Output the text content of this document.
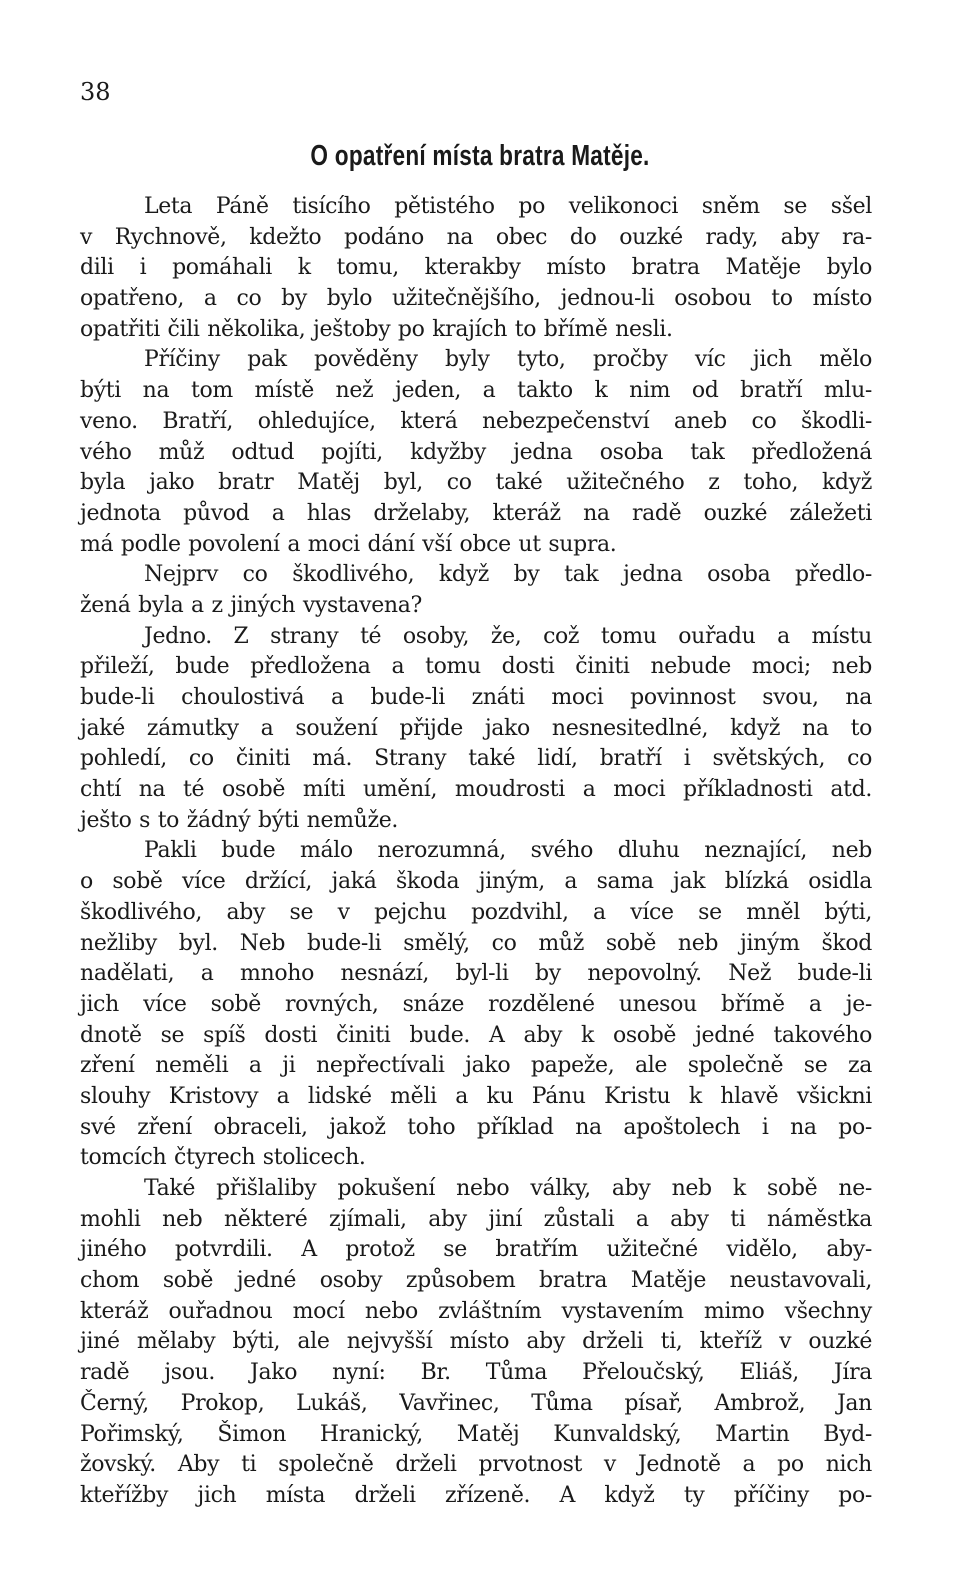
38
O opatření místa bratra Matěje.
Leta Páně tisícího pětistého po velikonoci sněm se sšel
v Rychnově, kdežto podáno na obec do ouzké rady, aby ra-
dili i pomáhali k tomu, kterakby místo bratra Matěje bylo
opatřeno, a co by bylo užitečnějšího, jednou-li osobou to místo
opatřiti čili několika, ještoby po krajích to břímě nesli.
Příčiny pak pověděny byly tyto, pročby víc jich mělo
býti na tom místě než jeden, a takto k nim od bratří mlu-
veno. Bratří, ohledujíce, která nebezpečenství aneb co škodli-
vého můž odtud pojíti, kdyžby jedna osoba tak předložená
byla jako bratr Matěj byl, co také užitečného z toho, když
jednota původ a hlas drželaby, kteráž na radě ouzké záležeti
má podle povolení a moci dání vší obce ut supra.
Nejprv co škodlivého, když by tak jedna osoba předlo-
žená byla a z jiných vystavena?
Jedno. Z strany té osoby, že, což tomu ouřadu a místu
přileží, bude předložena a tomu dosti činiti nebude moci; neb
bude-li choulostivá a bude-li znáti moci povinnost svou, na
jaké zámutky a soužení přijde jako nesnesitedlné, když na to
pohledí, co činiti má. Strany také lidí, bratří i světských, co
chtí na té osobě míti umění, moudrosti a moci příkladnosti atd.
ješto s to žádný býti nemůže.
Pakli bude málo nerozumná, svého dluhu neznající, neb
o sobě více držící, jaká škoda jiným, a sama jak blízká osidla
škodlivého, aby se v pejchu pozdvihl, a více se mněl býti,
nežliby byl. Neb bude-li smělý, co můž sobě neb jiným škod
nadělati, a mnoho nesnází, byl-li by nepovolný. Než bude-li
jich více sobě rovných, snáze rozdělené unesou břímě a je-
dnotě se spíš dosti činiti bude. A aby k osobě jedné takového
zření neměli a ji nepřectívali jako papeže, ale společně se za
slouhy Kristovy a lidské měli a ku Pánu Kristu k hlavě všickni
své zření obraceli, jakož toho příklad na apoštolech i na po-
tomcích čtyrech stolicech.
Také přišlaliby pokušení nebo války, aby neb k sobě ne-
mohli neb některé zjímali, aby jiní zůstali a aby ti náměstka
jiného potvrdili. A protož se bratřím užitečné vidělo, aby-
chom sobě jedné osoby způsobem bratra Matěje neustavovali,
kteráž ouřadnou mocí nebo zvláštním vystavením mimo všechny
jiné mělaby býti, ale nejvyšší místo aby drželi ti, kteříž v ouzké
radě jsou. Jako nyní: Br. Tůma Přeloučský, Eliáš, Jíra
Černý, Prokop, Lukáš, Vavřinec, Tůma písař, Ambrož, Jan
Pořimský, Šimon Hranický, Matěj Kunvaldský, Martin Byd-
žovský. Aby ti společně drželi prvotnost v Jednotě a po nich
kteřížby jich místa drželi zřízeně. A když ty příčiny po-
